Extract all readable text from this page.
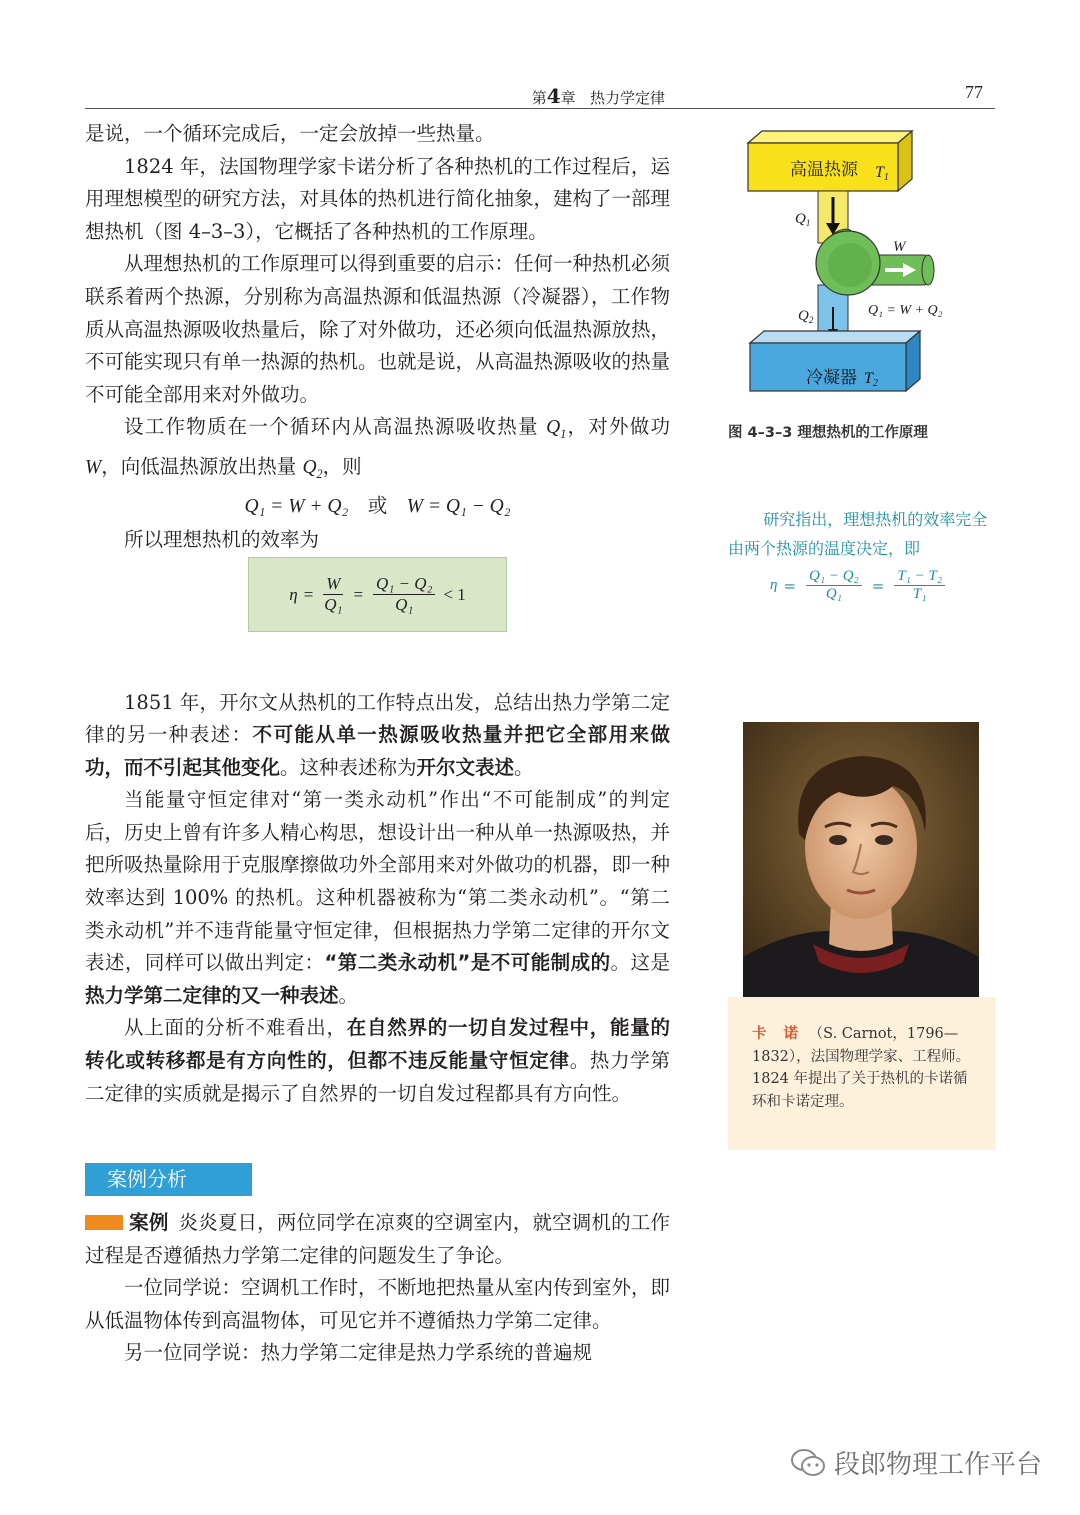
第4章 热力学定律	77

是说，一个循环完成后，一定会放掉一些热量。

1824 年，法国物理学家卡诺分析了各种热机的工作过程后，运用理想模型的研究方法，对具体的热机进行简化抽象，建构了一部理想热机（图 4–3–3），它概括了各种热机的工作原理。

从理想热机的工作原理可以得到重要的启示：任何一种热机必须联系着两个热源，分别称为高温热源和低温热源（冷凝器），工作物质从高温热源吸收热量后，除了对外做功，还必须向低温热源放热，不可能实现只有单一热源的热机。也就是说，从高温热源吸收的热量不可能全部用来对外做功。

设工作物质在一个循环内从高温热源吸收热量 $Q_1$，对外做功 W，向低温热源放出热量 $Q_2$，则

Q₁ = W + Q₂ 或 W = Q₁ − Q₂

所以理想热机的效率为

1851 年，开尔文从热机的工作特点出发，总结出热力学第二定律的另一种表述：不可能从单一热源吸收热量并把它全部用来做功，而不引起其他变化。这种表述称为开尔文表述。

当能量守恒定律对“第一类永动机”作出“不可能制成”的判定后，历史上曾有许多人精心构思，想设计出一种从单一热源吸热，并把所吸热量除用于克服摩擦做功外全部用来对外做功的机器，即一种效率达到 100% 的热机。这种机器被称为“第二类永动机”。“第二类永动机”并不违背能量守恒定律，但根据热力学第二定律的开尔文表述，同样可以做出判定：“第二类永动机”是不可能制成的。这是热力学第二定律的又一种表述。

从上面的分析不难看出，在自然界的一切自发过程中，能量的转化或转移都是有方向性的，但都不违反能量守恒定律。热力学第二定律的实质就是揭示了自然界的一切自发过程都具有方向性。

$\eta = \frac{W}{\text{Q₁}} = \frac{\text{Q₁ − Q₂}}{\text{Q₁}} < 1$
高温热源 T1
$Q_1$
$Q_2$
W
Q₁ = W + Q₂
冷凝器 T2
图 4–3–3 理想热机的工作原理

研究指出，理想热机的效率完全由两个热源的温度决定，即

$\eta = \frac{\text{Q₁ − Q₂}}{\text{Q₁}} = \frac{\text{T₁ − T₂}}{\text{T₁}}$
卡 诺 （S. Carnot，1796—1832），法国物理学家、工程师。1824 年提出了关于热机的卡诺循环和卡诺定理。
案例分析

案例 炎炎夏日，两位同学在凉爽的空调室内，就空调机的工作过程是否遵循热力学第二定律的问题发生了争论。

一位同学说：空调机工作时，不断地把热量从室内传到室外，即从低温物体传到高温物体，可见它并不遵循热力学第二定律。

另一位同学说：热力学第二定律是热力学系统的普遍规

段郎物理工作平台
